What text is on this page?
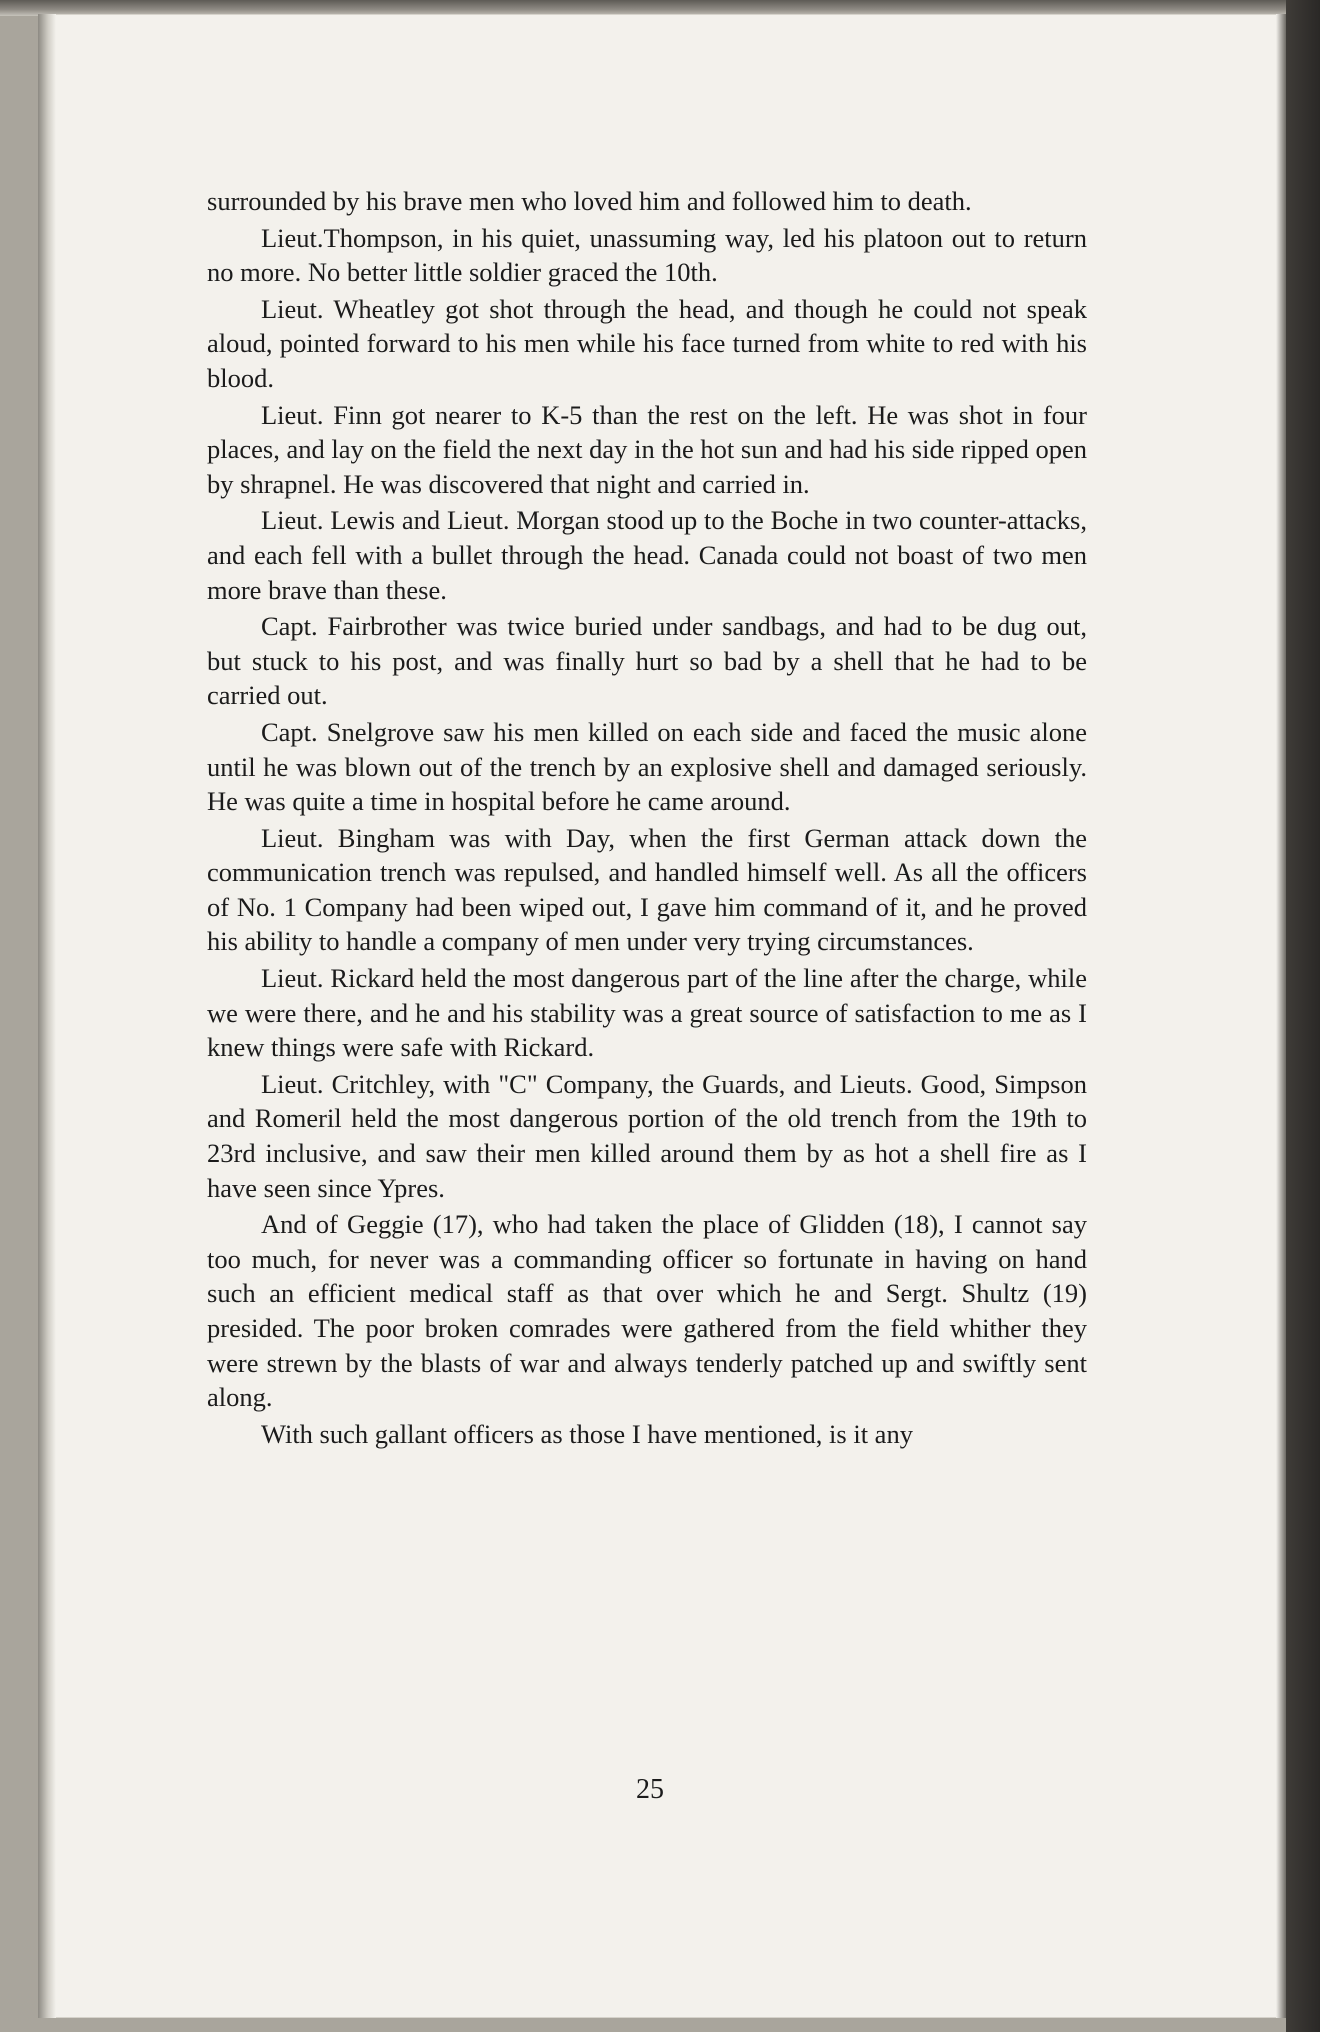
surrounded by his brave men who loved him and followed him to death.

Lieut.Thompson, in his quiet, unassuming way, led his platoon out to return no more. No better little soldier graced the 10th.

Lieut. Wheatley got shot through the head, and though he could not speak aloud, pointed forward to his men while his face turned from white to red with his blood.

Lieut. Finn got nearer to K-5 than the rest on the left. He was shot in four places, and lay on the field the next day in the hot sun and had his side ripped open by shrapnel. He was discovered that night and carried in.

Lieut. Lewis and Lieut. Morgan stood up to the Boche in two counter-attacks, and each fell with a bullet through the head. Canada could not boast of two men more brave than these.

Capt. Fairbrother was twice buried under sandbags, and had to be dug out, but stuck to his post, and was finally hurt so bad by a shell that he had to be carried out.

Capt. Snelgrove saw his men killed on each side and faced the music alone until he was blown out of the trench by an explosive shell and damaged seriously. He was quite a time in hospital before he came around.

Lieut. Bingham was with Day, when the first German attack down the communication trench was repulsed, and handled himself well. As all the officers of No. 1 Company had been wiped out, I gave him command of it, and he proved his ability to handle a company of men under very trying circumstances.

Lieut. Rickard held the most dangerous part of the line after the charge, while we were there, and he and his stability was a great source of satisfaction to me as I knew things were safe with Rickard.

Lieut. Critchley, with "C" Company, the Guards, and Lieuts. Good, Simpson and Romeril held the most dangerous portion of the old trench from the 19th to 23rd inclusive, and saw their men killed around them by as hot a shell fire as I have seen since Ypres.

And of Geggie (17), who had taken the place of Glidden (18), I cannot say too much, for never was a commanding officer so fortunate in having on hand such an efficient medical staff as that over which he and Sergt. Shultz (19) presided. The poor broken comrades were gathered from the field whither they were strewn by the blasts of war and always tenderly patched up and swiftly sent along.

With such gallant officers as those I have mentioned, is it any

25
